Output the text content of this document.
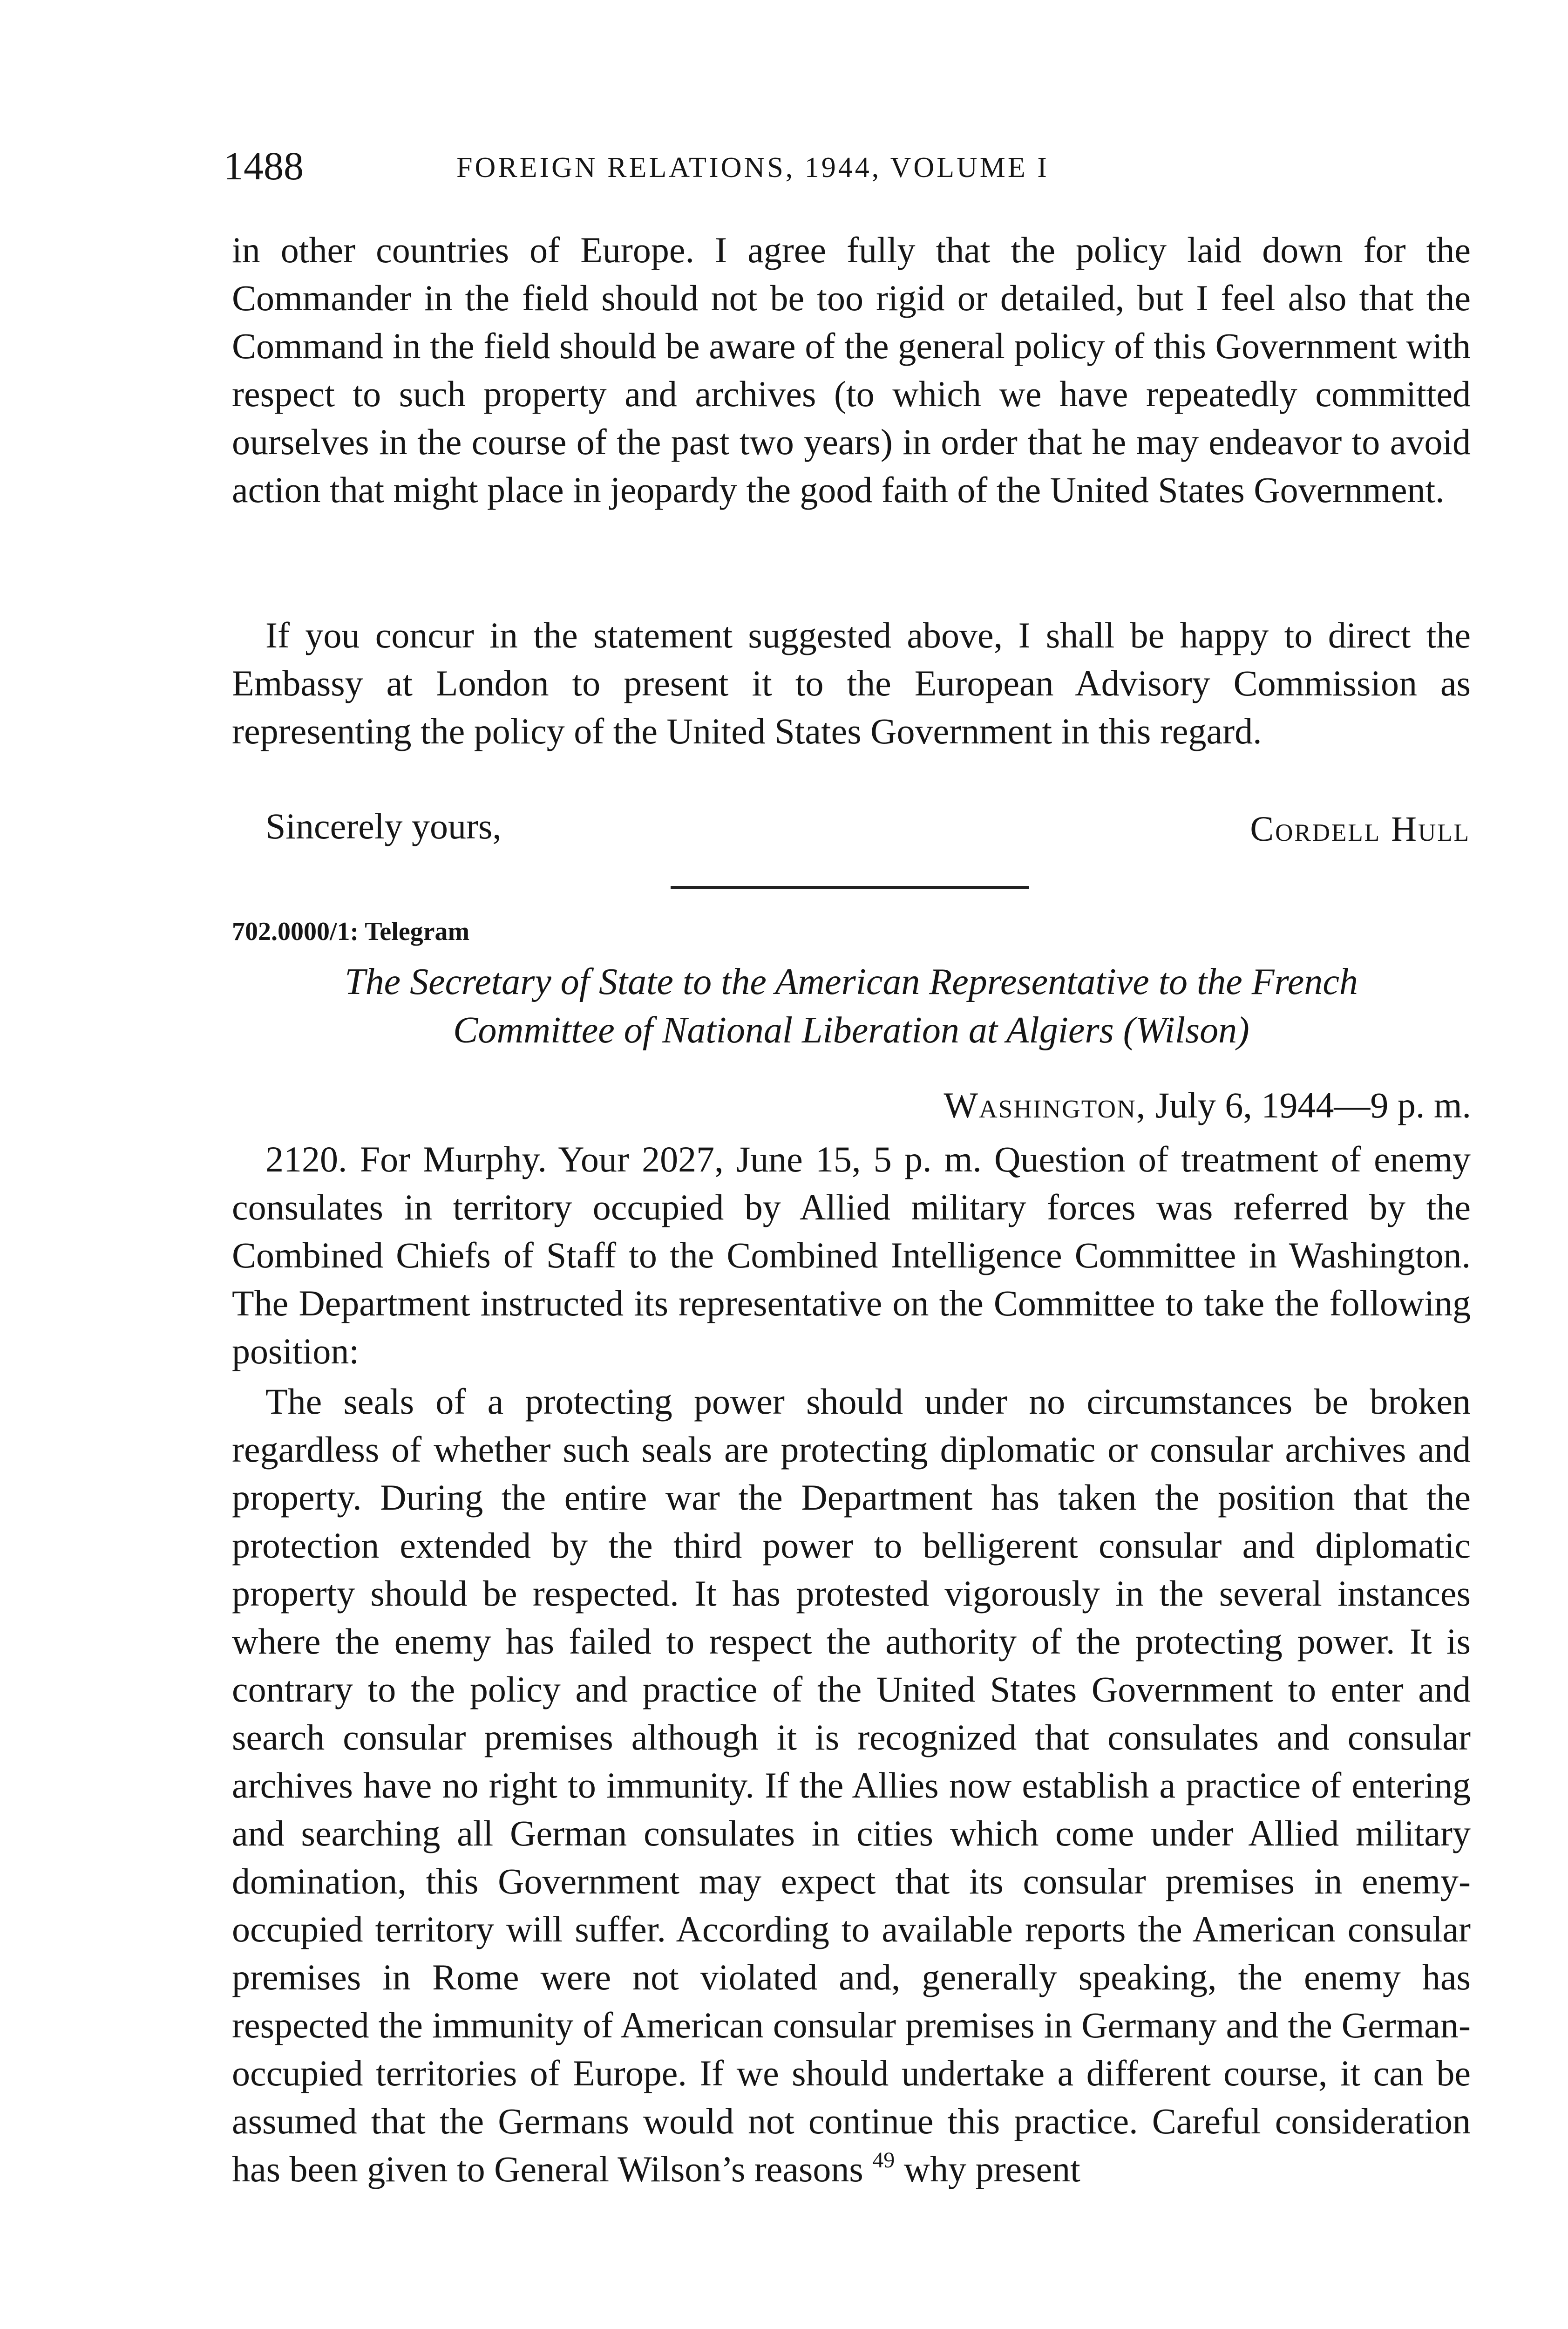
1488	FOREIGN RELATIONS, 1944, VOLUME I

in other countries of Europe. I agree fully that the policy laid down for the Commander in the field should not be too rigid or detailed, but I feel also that the Command in the field should be aware of the general policy of this Government with respect to such property and archives (to which we have repeatedly committed ourselves in the course of the past two years) in order that he may endeavor to avoid action that might place in jeopardy the good faith of the United States Government.

If you concur in the statement suggested above, I shall be happy to direct the Embassy at London to present it to the European Advisory Commission as representing the policy of the United States Government in this regard.

Sincerely yours,	Cordell Hull
702.0000/1: Telegram
The Secretary of State to the American Representative to the French
Committee of National Liberation at Algiers (Wilson)
Washington, July 6, 1944—9 p. m.

2120. For Murphy. Your 2027, June 15, 5 p. m. Question of treatment of enemy consulates in territory occupied by Allied military forces was referred by the Combined Chiefs of Staff to the Combined Intelligence Committee in Washington. The Department instructed its representative on the Committee to take the following position:

The seals of a protecting power should under no circumstances be broken regardless of whether such seals are protecting diplomatic or consular archives and property. During the entire war the Department has taken the position that the protection extended by the third power to belligerent consular and diplomatic property should be respected. It has protested vigorously in the several instances where the enemy has failed to respect the authority of the protecting power. It is contrary to the policy and practice of the United States Government to enter and search consular premises although it is recognized that consulates and consular archives have no right to immunity. If the Allies now establish a practice of entering and searching all German consulates in cities which come under Allied military domination, this Government may expect that its consular premises in enemy-occupied territory will suffer. According to available reports the American consular premises in Rome were not violated and, generally speaking, the enemy has respected the immunity of American consular premises in Germany and the German-occupied territories of Europe. If we should undertake a different course, it can be assumed that the Germans would not continue this practice. Careful consideration has been given to General Wilson’s reasons $^{49}$ why present
